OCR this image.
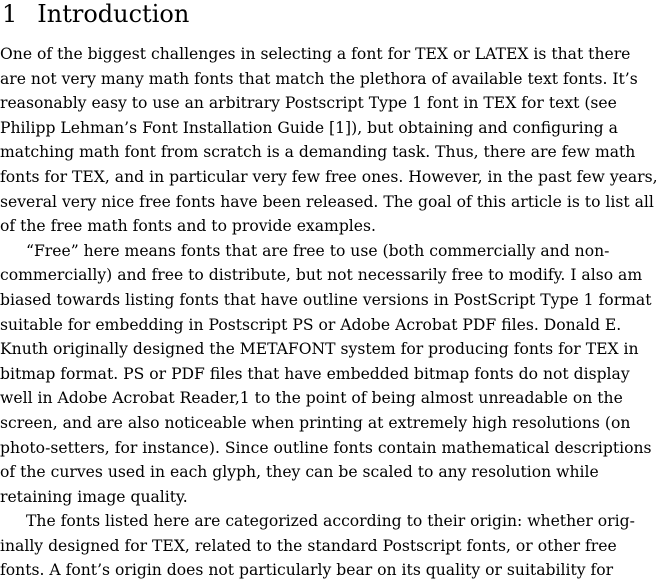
1 Introduction
One of the biggest challenges in selecting a font for TEX or LATEX is that there
are not very many math fonts that match the plethora of available text fonts. It’s
reasonably easy to use an arbitrary Postscript Type 1 font in TEX for text (see
Philipp Lehman’s Font Installation Guide [1]), but obtaining and configuring a
matching math font from scratch is a demanding task. Thus, there are few math
fonts for TEX, and in particular very few free ones. However, in the past few years,
several very nice free fonts have been released. The goal of this article is to list all
of the free math fonts and to provide examples.
“Free” here means fonts that are free to use (both commercially and non-
commercially) and free to distribute, but not necessarily free to modify. I also am
biased towards listing fonts that have outline versions in PostScript Type 1 format
suitable for embedding in Postscript PS or Adobe Acrobat PDF files. Donald E.
Knuth originally designed the METAFONT system for producing fonts for TEX in
bitmap format. PS or PDF files that have embedded bitmap fonts do not display
well in Adobe Acrobat Reader,1 to the point of being almost unreadable on the
screen, and are also noticeable when printing at extremely high resolutions (on
photo-setters, for instance). Since outline fonts contain mathematical descriptions
of the curves used in each glyph, they can be scaled to any resolution while
retaining image quality.
The fonts listed here are categorized according to their origin: whether orig-
inally designed for TEX, related to the standard Postscript fonts, or other free
fonts. A font’s origin does not particularly bear on its quality or suitability for
